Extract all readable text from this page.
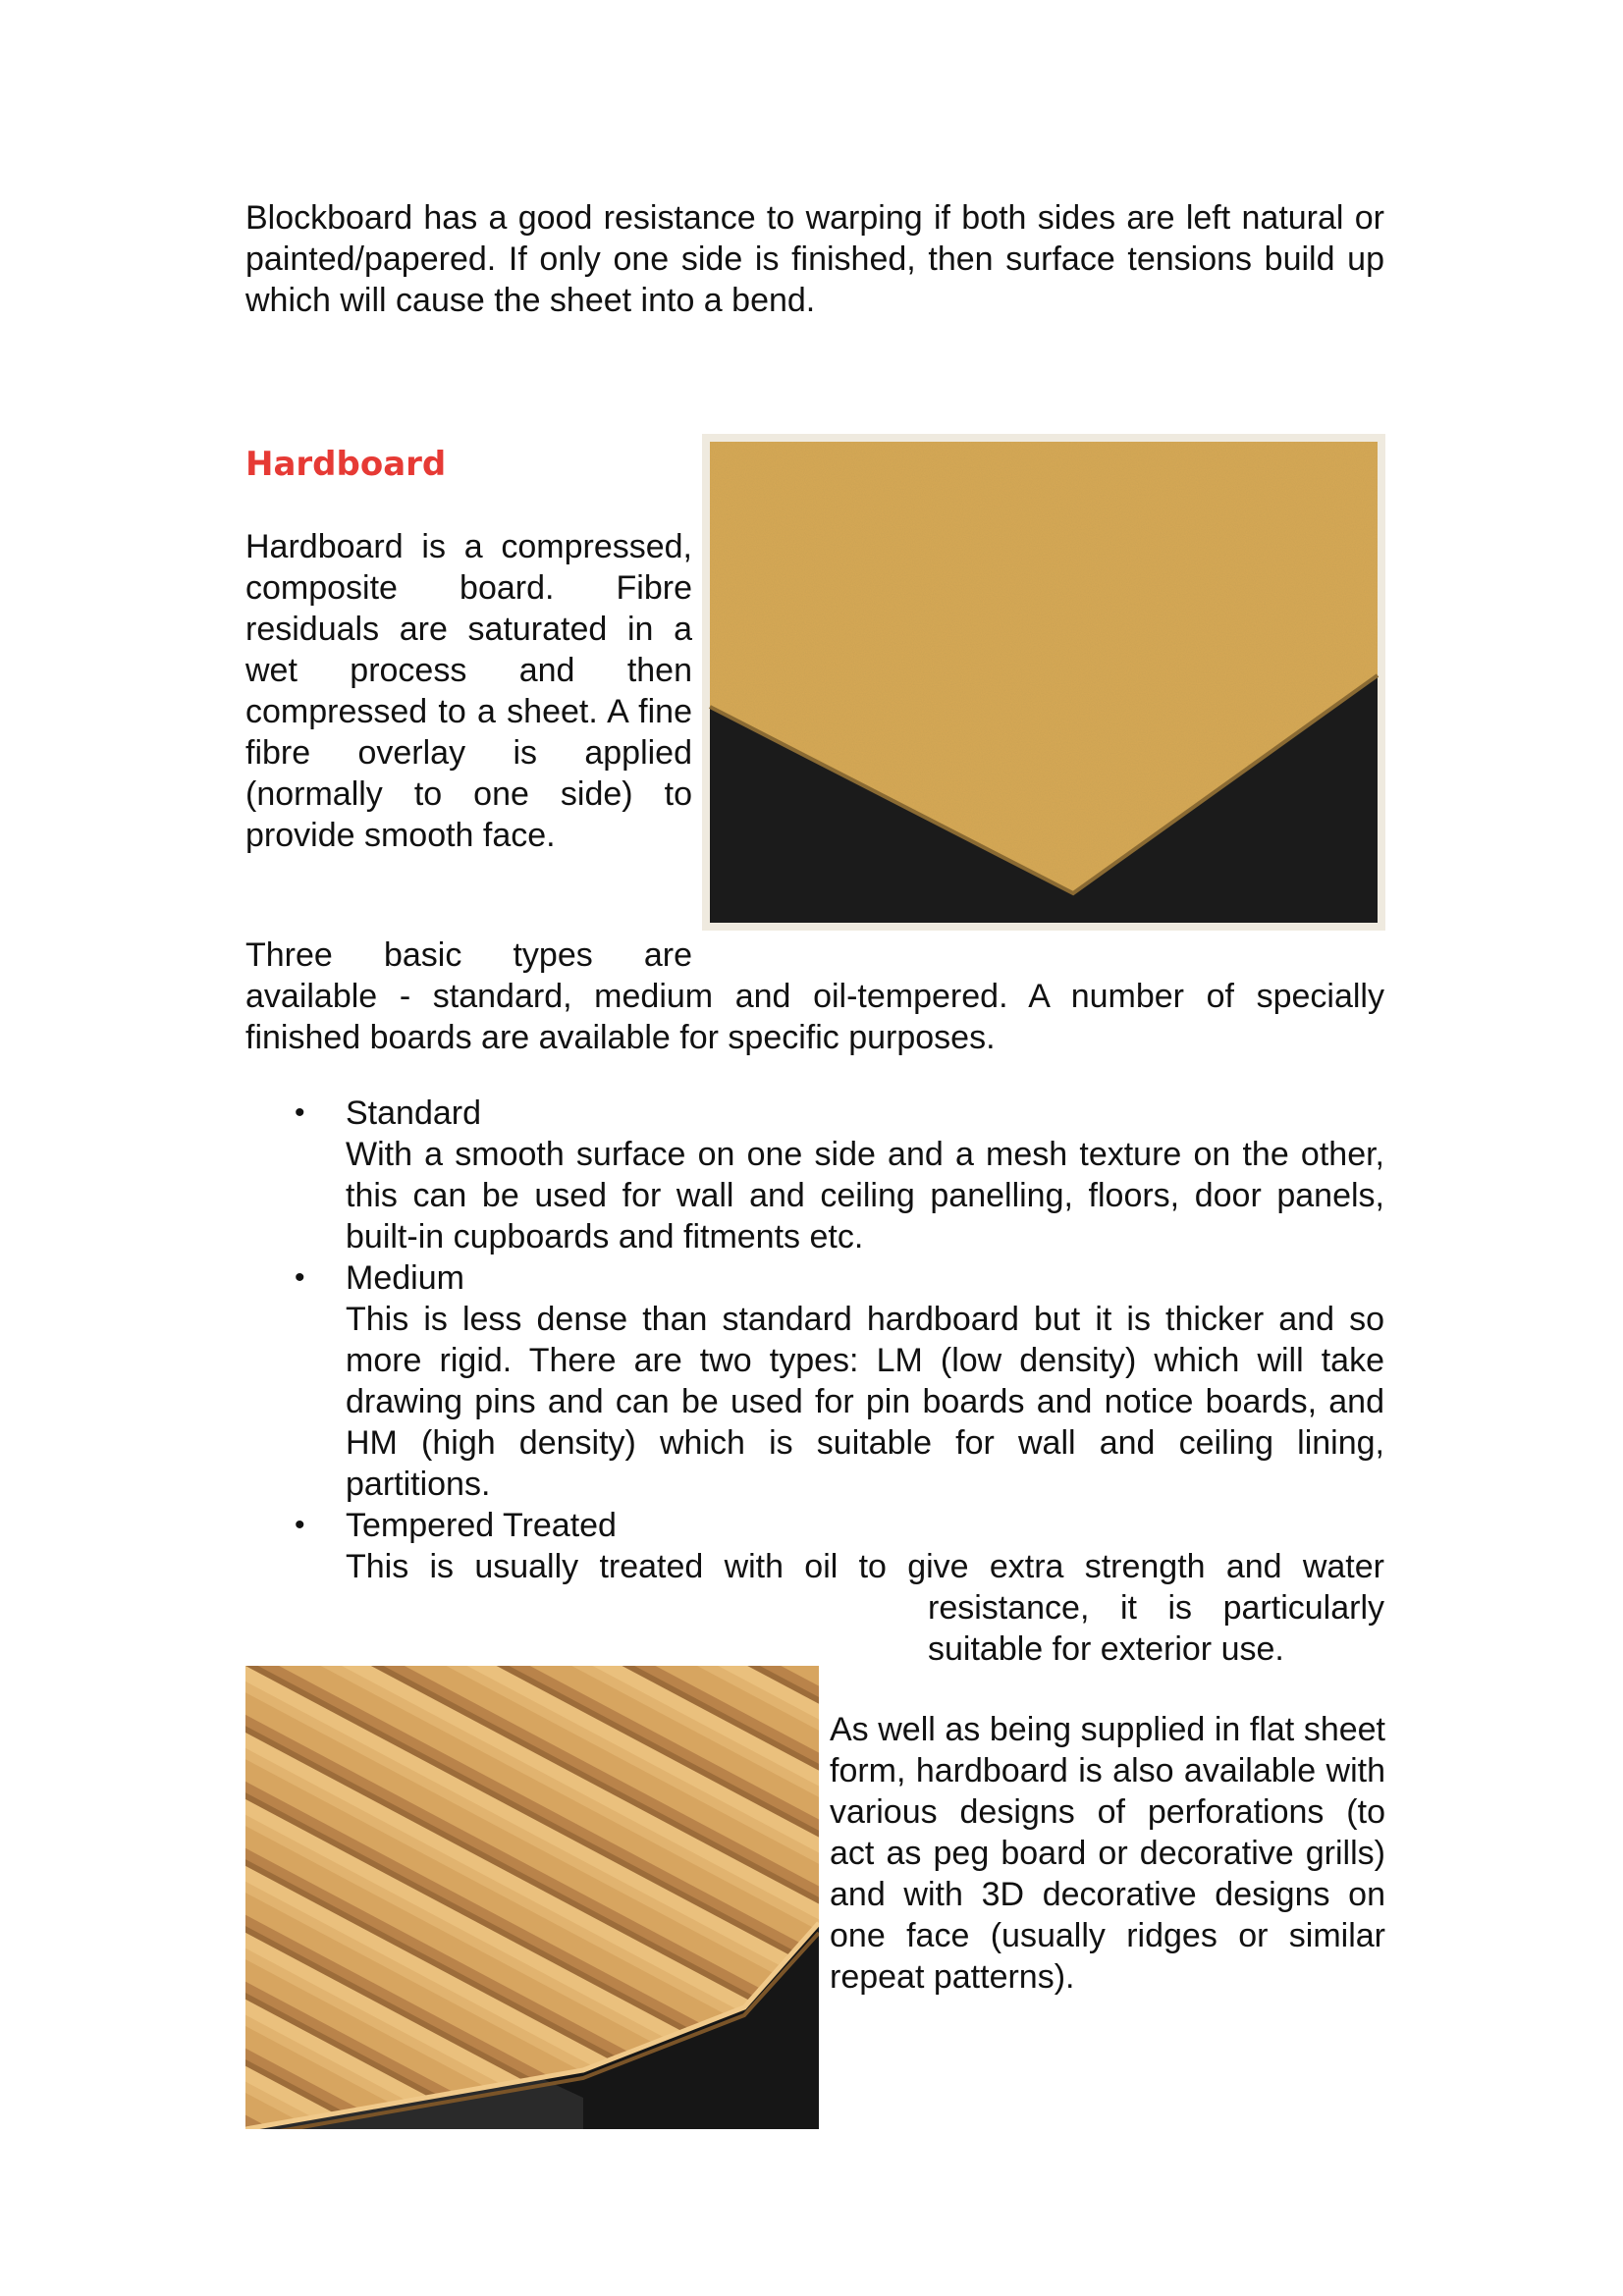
Blockboard has a good resistance to warping if both sides are left natural or painted/papered. If only one side is finished, then surface tensions build up which will cause the sheet into a bend.

Hardboard

Hardboard is a compressed, composite board. Fibre residuals are saturated in a wet process and then compressed to a sheet. A fine fibre overlay is applied (normally to one side) to provide smooth face.

Three basic types are

available - standard, medium and oil-tempered. A number of specially finished boards are available for specific purposes.

• Standard
With a smooth surface on one side and a mesh texture on the other, this can be used for wall and ceiling panelling, floors, door panels, built-in cupboards and fitments etc.
• Medium
This is less dense than standard hardboard but it is thicker and so more rigid. There are two types: LM (low density) which will take drawing pins and can be used for pin boards and notice boards, and HM (high density) which is suitable for wall and ceiling lining, partitions.
• Tempered Treated
This is usually treated with oil to give extra strength and water
resistance, it is particularly suitable for exterior use.

As well as being supplied in flat sheet form, hardboard is also available with various designs of perforations (to act as peg board or decorative grills) and with 3D decorative designs on one face (usually ridges or similar repeat patterns).
